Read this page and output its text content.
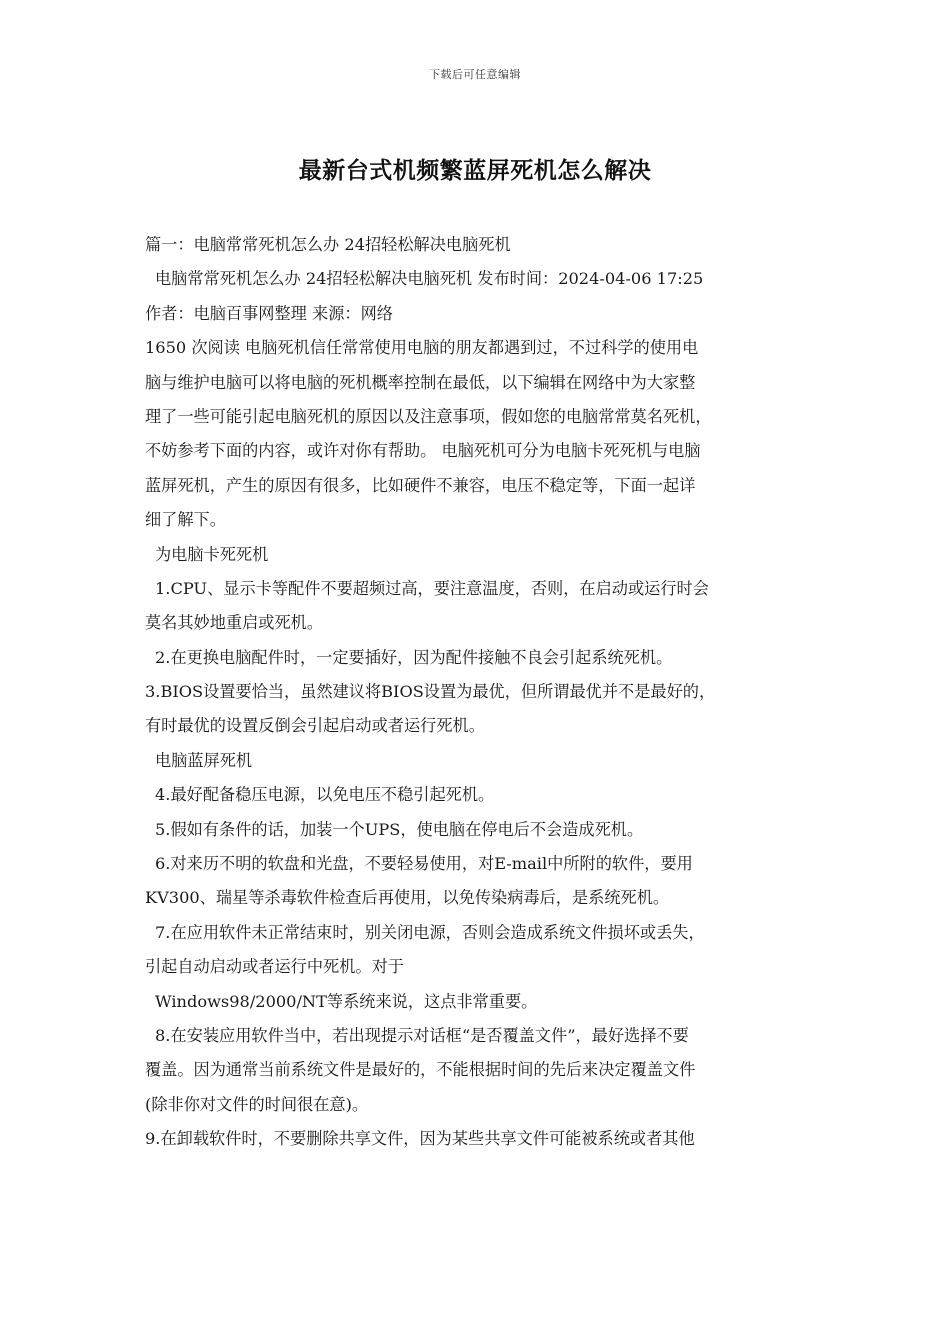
下载后可任意编辑
最新台式机频繁蓝屏死机怎么解决
篇一：电脑常常死机怎么办 24招轻松解决电脑死机
电脑常常死机怎么办 24招轻松解决电脑死机 发布时间：2024-04-06 17:25
作者：电脑百事网整理 来源：网络
1650 次阅读 电脑死机信任常常使用电脑的朋友都遇到过，不过科学的使用电
脑与维护电脑可以将电脑的死机概率控制在最低，以下编辑在网络中为大家整
理了一些可能引起电脑死机的原因以及注意事项，假如您的电脑常常莫名死机，
不妨参考下面的内容，或许对你有帮助。 电脑死机可分为电脑卡死死机与电脑
蓝屏死机，产生的原因有很多，比如硬件不兼容，电压不稳定等，下面一起详
细了解下。
为电脑卡死死机
1.CPU、显示卡等配件不要超频过高，要注意温度，否则，在启动或运行时会
莫名其妙地重启或死机。
2.在更换电脑配件时，一定要插好，因为配件接触不良会引起系统死机。
3.BIOS设置要恰当，虽然建议将BIOS设置为最优，但所谓最优并不是最好的，
有时最优的设置反倒会引起启动或者运行死机。
电脑蓝屏死机
4.最好配备稳压电源，以免电压不稳引起死机。
5.假如有条件的话，加装一个UPS，使电脑在停电后不会造成死机。
6.对来历不明的软盘和光盘，不要轻易使用，对E-mail中所附的软件，要用
KV300、瑞星等杀毒软件检查后再使用，以免传染病毒后，是系统死机。
7.在应用软件未正常结束时，别关闭电源，否则会造成系统文件损坏或丢失，
引起自动启动或者运行中死机。对于
Windows98/2000/NT等系统来说，这点非常重要。
8.在安装应用软件当中，若出现提示对话框“是否覆盖文件”，最好选择不要
覆盖。因为通常当前系统文件是最好的，不能根据时间的先后来决定覆盖文件
(除非你对文件的时间很在意)。
9.在卸载软件时，不要删除共享文件，因为某些共享文件可能被系统或者其他
